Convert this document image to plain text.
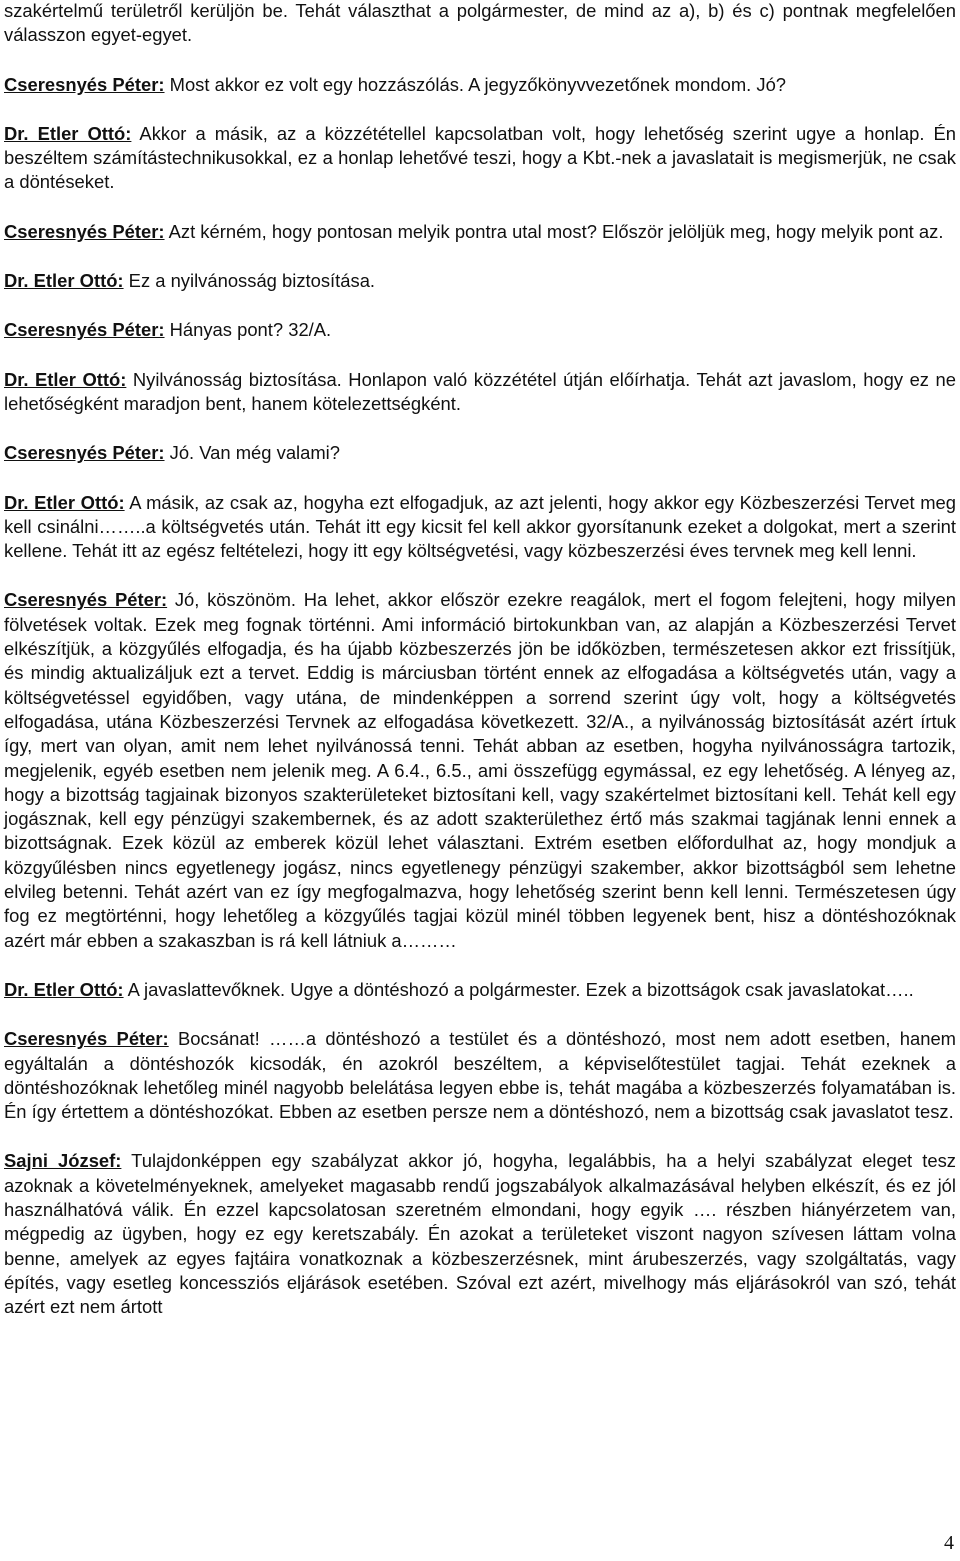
szakértelmű területről kerüljön be. Tehát választhat a polgármester, de mind az a), b) és c) pontnak megfelelően válasszon egyet-egyet.
Cseresnyés Péter: Most akkor ez volt egy hozzászólás. A jegyzőkönyvvezetőnek mondom. Jó?
Dr. Etler Ottó: Akkor a másik, az a közzététellel kapcsolatban volt, hogy lehetőség szerint ugye a honlap. Én beszéltem számítástechnikusokkal, ez a honlap lehetővé teszi, hogy a Kbt.-nek a javaslatait is megismerjük, ne csak a döntéseket.
Cseresnyés Péter: Azt kérném, hogy pontosan melyik pontra utal most? Először jelöljük meg, hogy melyik pont az.
Dr. Etler Ottó: Ez a nyilvánosság biztosítása.
Cseresnyés Péter: Hányas pont? 32/A.
Dr. Etler Ottó: Nyilvánosság biztosítása. Honlapon való közzététel útján előírhatja. Tehát azt javaslom, hogy ez ne lehetőségként maradjon bent, hanem kötelezettségként.
Cseresnyés Péter: Jó. Van még valami?
Dr. Etler Ottó: A másik, az csak az, hogyha ezt elfogadjuk, az azt jelenti, hogy akkor egy Közbeszerzési Tervet meg kell csinálni……..a költségvetés után. Tehát itt egy kicsit fel kell akkor gyorsítanunk ezeket a dolgokat, mert a szerint kellene. Tehát itt az egész feltételezi, hogy itt egy költségvetési, vagy közbeszerzési éves tervnek meg kell lenni.
Cseresnyés Péter: Jó, köszönöm. Ha lehet, akkor először ezekre reagálok, mert el fogom felejteni, hogy milyen fölvetések voltak. Ezek meg fognak történni. Ami információ birtokunkban van, az alapján a Közbeszerzési Tervet elkészítjük, a közgyűlés elfogadja, és ha újabb közbeszerzés jön be időközben, természetesen akkor ezt frissítjük, és mindig aktualizáljuk ezt a tervet. Eddig is márciusban történt ennek az elfogadása a költségvetés után, vagy a költségvetéssel egyidőben, vagy utána, de mindenképpen a sorrend szerint úgy volt, hogy a költségvetés elfogadása, utána Közbeszerzési Tervnek az elfogadása következett. 32/A., a nyilvánosság biztosítását azért írtuk így, mert van olyan, amit nem lehet nyilvánossá tenni. Tehát abban az esetben, hogyha nyilvánosságra tartozik, megjelenik, egyéb esetben nem jelenik meg. A 6.4., 6.5., ami összefügg egymással, ez egy lehetőség. A lényeg az, hogy a bizottság tagjainak bizonyos szakterületeket biztosítani kell, vagy szakértelmet biztosítani kell. Tehát kell egy jogásznak, kell egy pénzügyi szakembernek, és az adott szakterülethez értő más szakmai tagjának lenni ennek a bizottságnak. Ezek közül az emberek közül lehet választani. Extrém esetben előfordulhat az, hogy mondjuk a közgyűlésben nincs egyetlenegy jogász, nincs egyetlenegy pénzügyi szakember, akkor bizottságból sem lehetne elvileg betenni. Tehát azért van ez így megfogalmazva, hogy lehetőség szerint benn kell lenni. Természetesen úgy fog ez megtörténni, hogy lehetőleg a közgyűlés tagjai közül minél többen legyenek bent, hisz a döntéshozóknak azért már ebben a szakaszban is rá kell látniuk a………
Dr. Etler Ottó: A javaslattevőknek. Ugye a döntéshozó a polgármester. Ezek a bizottságok csak javaslatokat…..
Cseresnyés Péter: Bocsánat! ……a döntéshozó a testület és a döntéshozó, most nem adott esetben, hanem egyáltalán a döntéshozók kicsodák, én azokról beszéltem, a képviselőtestület tagjai. Tehát ezeknek a döntéshozóknak lehetőleg minél nagyobb belelátása legyen ebbe is, tehát magába a közbeszerzés folyamatában is. Én így értettem a döntéshozókat. Ebben az esetben persze nem a döntéshozó, nem a bizottság csak javaslatot tesz.
Sajni József: Tulajdonképpen egy szabályzat akkor jó, hogyha, legalábbis, ha a helyi szabályzat eleget tesz azoknak a követelményeknek, amelyeket magasabb rendű jogszabályok alkalmazásával helyben elkészít, és ez jól használhatóvá válik. Én ezzel kapcsolatosan szeretném elmondani, hogy egyik …. részben hiányérzetem van, mégpedig az ügyben, hogy ez egy keretszabály. Én azokat a területeket viszont nagyon szívesen láttam volna benne, amelyek az egyes fajtáira vonatkoznak a közbeszerzésnek, mint árubeszerzés, vagy szolgáltatás, vagy építés, vagy esetleg koncessziós eljárások esetében. Szóval ezt azért, mivelhogy más eljárásokról van szó, tehát azért ezt nem ártott
4
